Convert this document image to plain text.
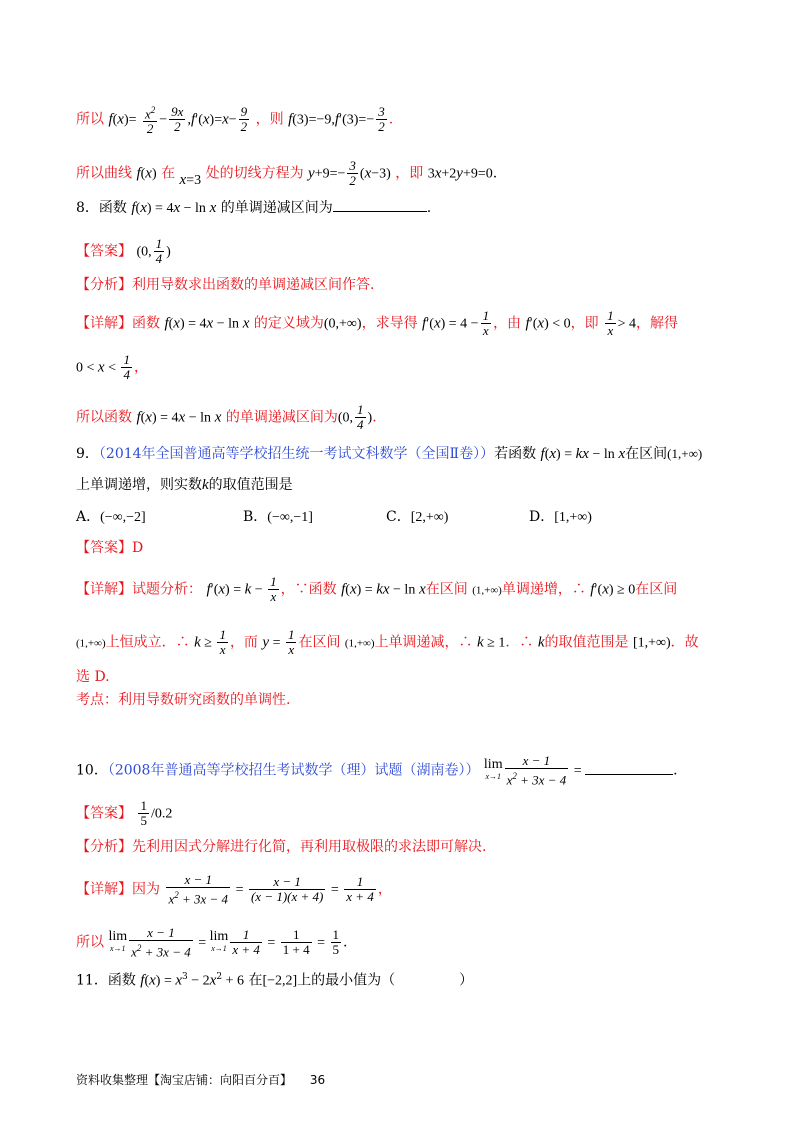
所以 $f(x)= \frac{x^2}{2} - \frac{9x}{2} ,f'(x)=x- \frac{9}{2}$ ，则 $f(3)=-9,f'(3)=- \frac{3}{2}$ .
所以曲线 f(x) 在 x=3 处的切线方程为 $y+9=- \frac{3}{2} (x-3)$ ，即 3x+2y+9=0.
8．函数 f(x) = 4x − ln x 的单调递减区间为	.
【答案】 (0, $\frac{1}{4}$ )
【分析】利用导数求出函数的单调递减区间作答.
【详解】函数 f(x) = 4x − ln x 的定义域为(0,+∞)，求导得 $f'(x) = 4 - \frac{1}{x}$ ，由 f′(x) < 0，即 $\frac{1}{x} > 4$，解得
$0 < x < \frac{1}{4}$ ，
所以函数 f(x) = 4x − ln x 的单调递减区间为(0, $\frac{1}{4}$ ).
9．（2014年全国普通高等学校招生统一考试文科数学（全国Ⅱ卷））若函数 f(x) = kx − ln x在区间(1,+∞)
上单调递增，则实数k的取值范围是
A．(−∞,−2]	B．(−∞,−1]	C．[2,+∞)	D．[1,+∞)
【答案】D
【详解】试题分析： $f'(x) = k - \frac{1}{x}$ ，∵函数 f(x) = kx − ln x在区间 (1,+∞)单调递增，∴ f′(x) ≥ 0在区间
(1,+∞)上恒成立．∴ $k \ge \frac{1}{x}$ ，而 $y = \frac{1}{x}$ 在区间 (1,+∞)上单调递减，∴ k ≥ 1．∴ k的取值范围是 [1,+∞)．故
选 D.
考点：利用导数研究函数的单调性.
10．（2008年普通高等学校招生考试数学（理）试题（湖南卷）） lim
$x\to 1 \frac{x - 1}{x^2 + 3x - 4}$ =	.
【答案】 $\frac{1}{5} /0.2$
【分析】先利用因式分解进行化简，再利用取极限的求法即可解决.
【详解】因为 $\frac{x - 1}{x^2 + 3x - 4} = \frac{x - 1}{(x - 1)(x + 4)} = \frac{1}{x + 4}$ ，
所以 lim
$x\to 1 \frac{x - 1}{x^2 + 3x - 4} = \lim$
$x\to 1 \frac{1}{x + 4} = \frac{1}{1 + 4} = \frac{1}{5}$ .
11．函数 $f(x) = x^3 - 2x^2 + 6$ 在[−2,2]上的最小值为（	）
资料收集整理【淘宝店铺：向阳百分百】 36
